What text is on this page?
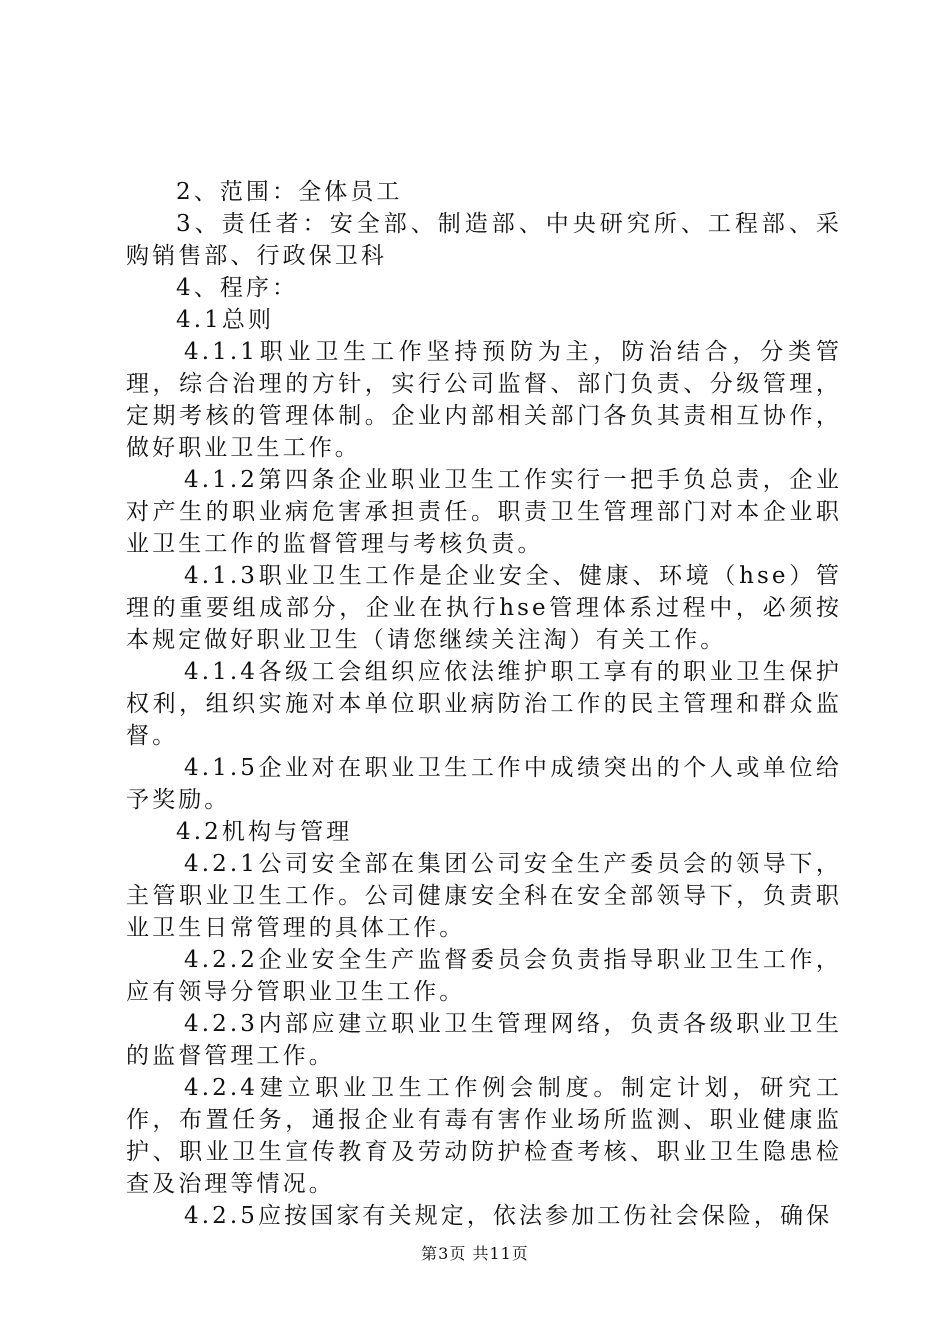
2、范围：全体员工

3、责任者：安全部、制造部、中央研究所、工程部、采购销售部、行政保卫科

4、程序：

4.1总则

4.1.1职业卫生工作坚持预防为主，防治结合，分类管理，综合治理的方针，实行公司监督、部门负责、分级管理，定期考核的管理体制。企业内部相关部门各负其责相互协作，做好职业卫生工作。

4.1.2第四条企业职业卫生工作实行一把手负总责，企业对产生的职业病危害承担责任。职责卫生管理部门对本企业职业卫生工作的监督管理与考核负责。

4.1.3职业卫生工作是企业安全、健康、环境（hse）管理的重要组成部分，企业在执行hse管理体系过程中，必须按本规定做好职业卫生（请您继续关注淘）有关工作。

4.1.4各级工会组织应依法维护职工享有的职业卫生保护权利，组织实施对本单位职业病防治工作的民主管理和群众监督。

4.1.5企业对在职业卫生工作中成绩突出的个人或单位给予奖励。

4.2机构与管理

4.2.1公司安全部在集团公司安全生产委员会的领导下，主管职业卫生工作。公司健康安全科在安全部领导下，负责职业卫生日常管理的具体工作。

4.2.2企业安全生产监督委员会负责指导职业卫生工作，应有领导分管职业卫生工作。

4.2.3内部应建立职业卫生管理网络，负责各级职业卫生的监督管理工作。

4.2.4建立职业卫生工作例会制度。制定计划，研究工作，布置任务，通报企业有毒有害作业场所监测、职业健康监护、职业卫生宣传教育及劳动防护检查考核、职业卫生隐患检查及治理等情况。

4.2.5应按国家有关规定，依法参加工伤社会保险，确保

第3页 共11页
